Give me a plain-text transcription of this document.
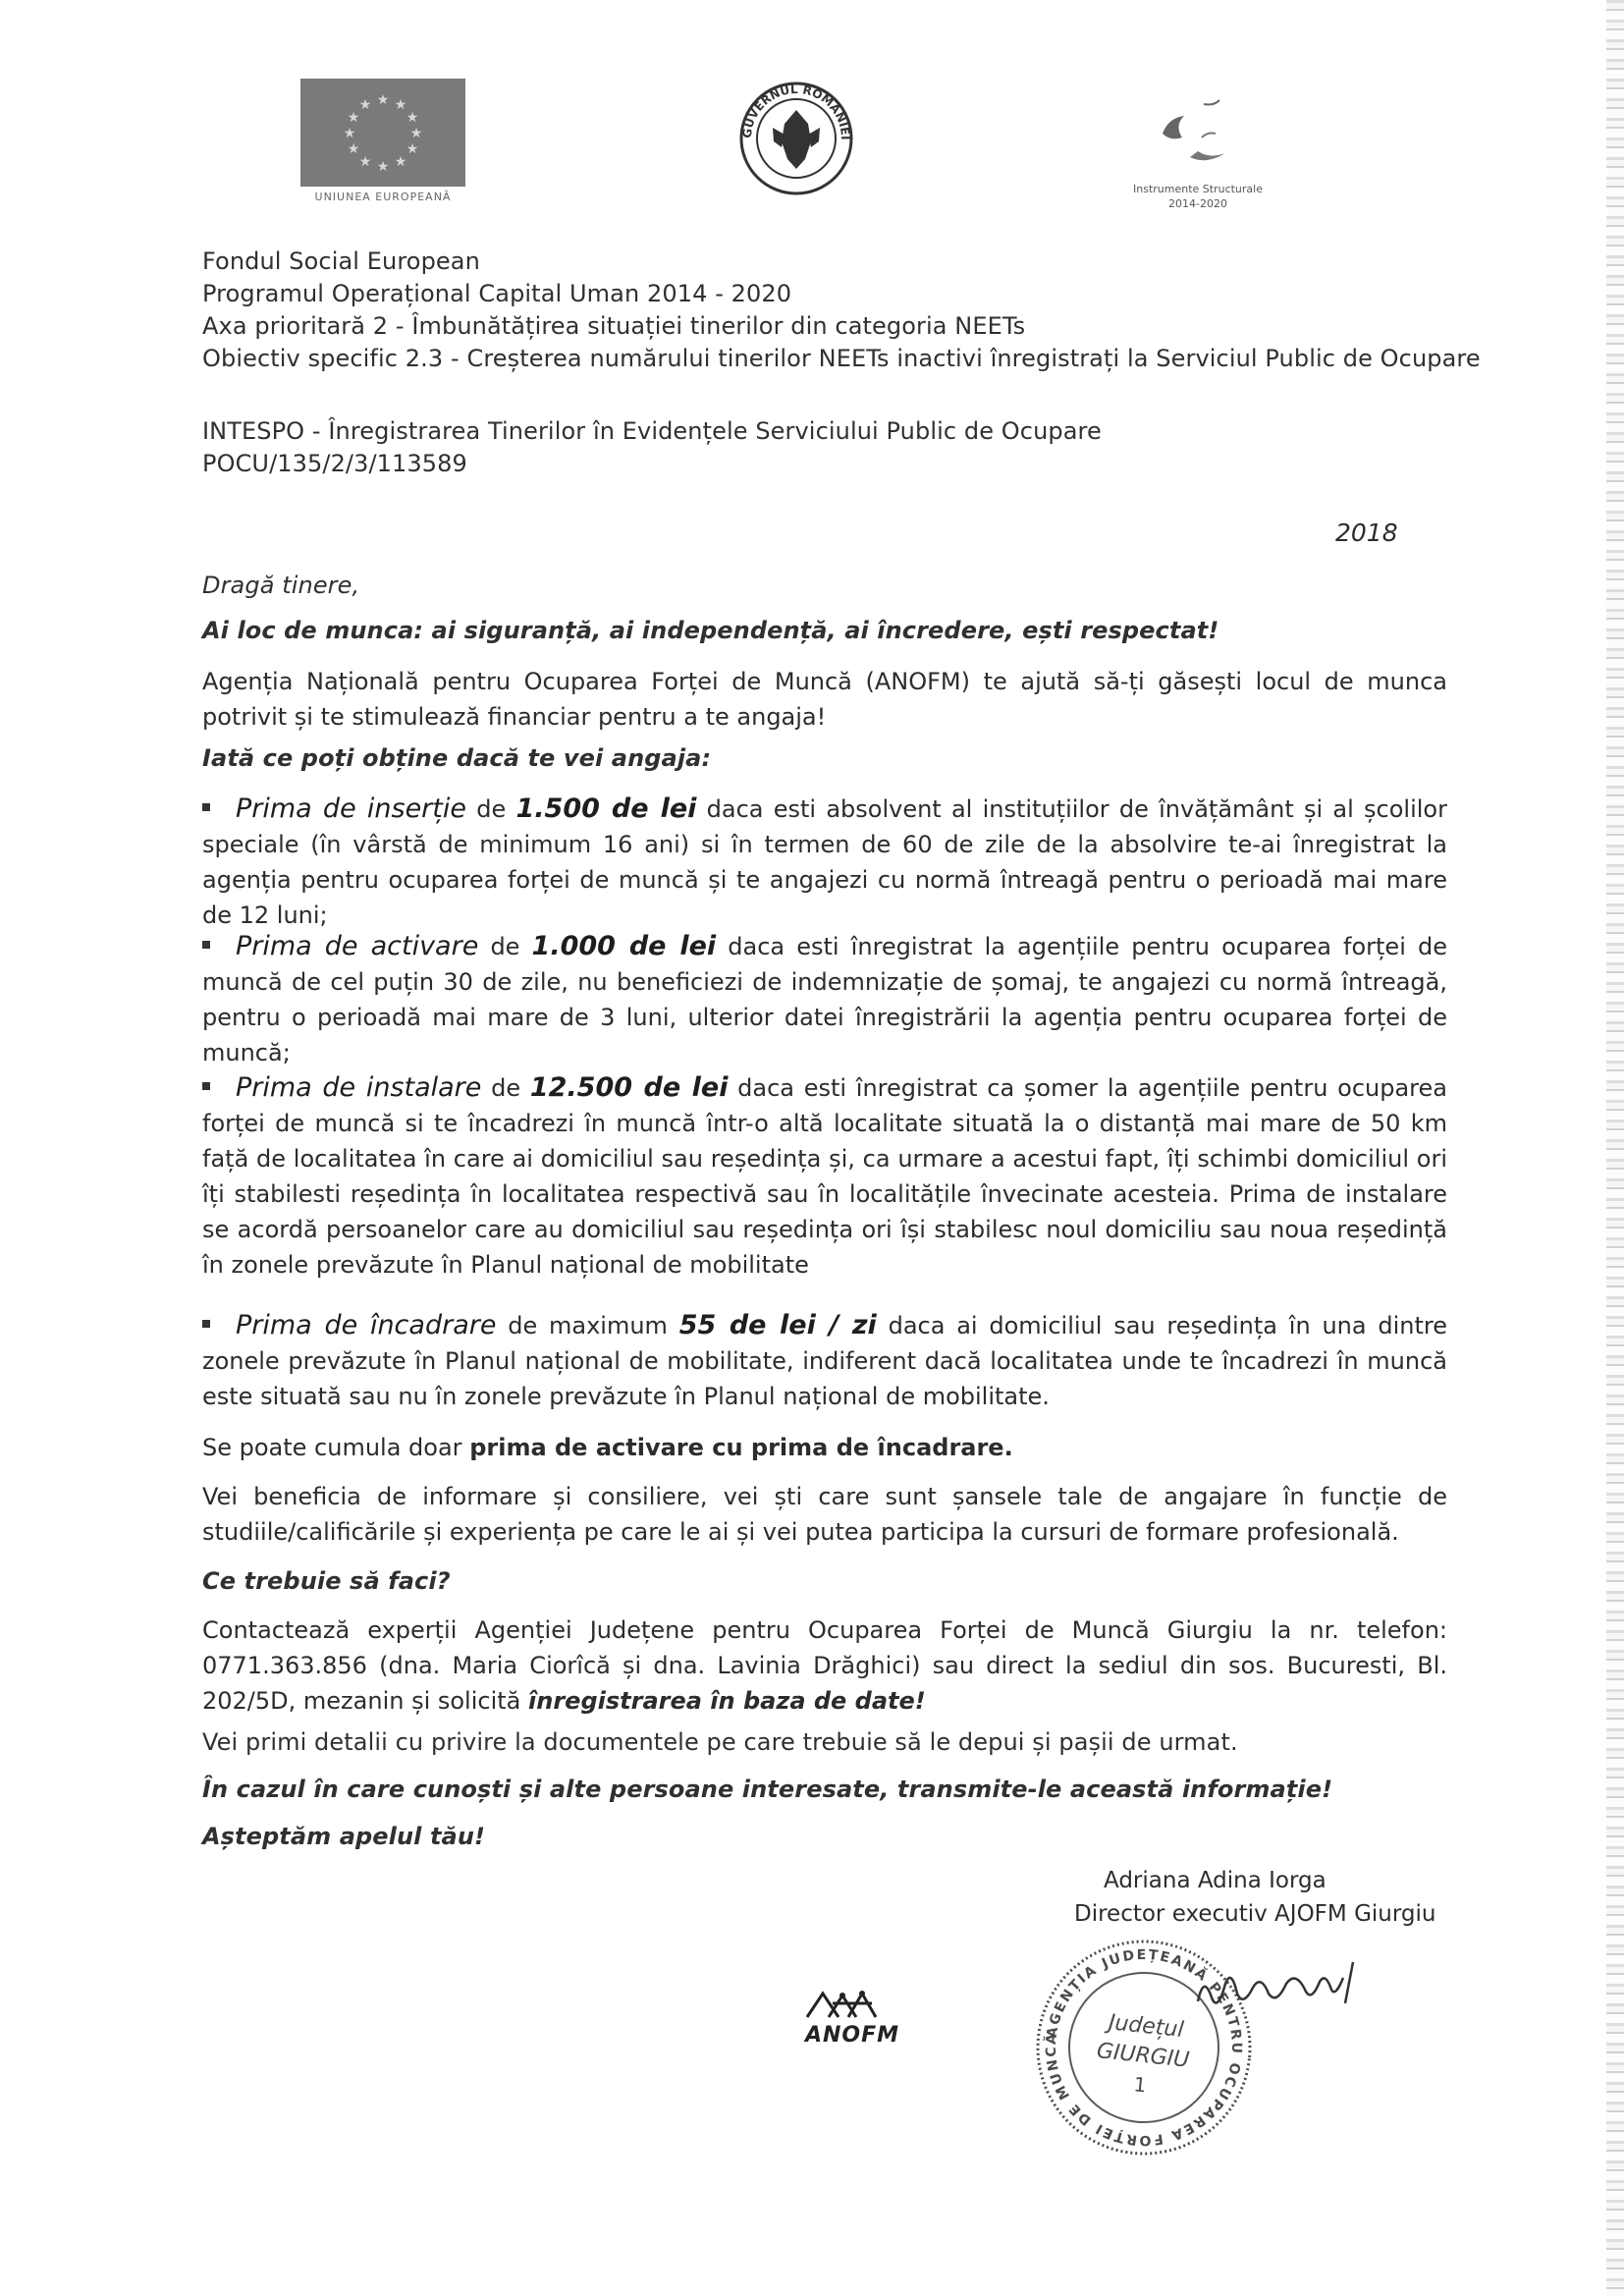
★ ★
★
★
★
★
★
★
★
★
★
★
UNIUNEA EUROPEANĂ
GUVERNUL ROMÂNIEI
Instrumente Structurale
2014-2020
Fondul Social European
Programul Operațional Capital Uman 2014 - 2020
Axa prioritară 2 - Îmbunătățirea situației tinerilor din categoria NEETs
Obiectiv specific 2.3 - Creșterea numărului tinerilor NEETs inactivi înregistrați la Serviciul Public de Ocupare
INTESPO - Înregistrarea Tinerilor în Evidențele Serviciului Public de Ocupare
POCU/135/2/3/113589
2018
Dragă tinere,
Ai loc de munca: ai siguranță, ai independență, ai încredere, ești respectat!
Agenția Națională pentru Ocuparea Forței de Muncă (ANOFM) te ajută să-ți găsești locul de munca potrivit și te stimulează financiar pentru a te angaja!
Iată ce poți obține dacă te vei angaja:
Prima de inserție de 1.500 de lei daca esti absolvent al instituțiilor de învățământ și al școlilor speciale (în vârstă de minimum 16 ani) si în termen de 60 de zile de la absolvire te-ai înregistrat la agenția pentru ocuparea forței de muncă și te angajezi cu normă întreagă pentru o perioadă mai mare de 12 luni;
Prima de activare de 1.000 de lei daca esti înregistrat la agențiile pentru ocuparea forței de muncă de cel puțin 30 de zile, nu beneficiezi de indemnizație de șomaj, te angajezi cu normă întreagă, pentru o perioadă mai mare de 3 luni, ulterior datei înregistrării la agenția pentru ocuparea forței de muncă;
Prima de instalare de 12.500 de lei daca esti înregistrat ca șomer la agențiile pentru ocuparea forței de muncă si te încadrezi în muncă într-o altă localitate situată la o distanță mai mare de 50 km față de localitatea în care ai domiciliul sau reședința și, ca urmare a acestui fapt, îți schimbi domiciliul ori îți stabilesti reședința în localitatea respectivă sau în localitățile învecinate acesteia. Prima de instalare se acordă persoanelor care au domiciliul sau reședința ori își stabilesc noul domiciliu sau noua reședință în zonele prevăzute în Planul național de mobilitate
Prima de încadrare de maximum 55 de lei / zi daca ai domiciliul sau reședința în una dintre zonele prevăzute în Planul național de mobilitate, indiferent dacă localitatea unde te încadrezi în muncă este situată sau nu în zonele prevăzute în Planul național de mobilitate.
Se poate cumula doar prima de activare cu prima de încadrare.
Vei beneficia de informare și consiliere, vei ști care sunt șansele tale de angajare în funcție de studiile/calificările și experiența pe care le ai și vei putea participa la cursuri de formare profesională.
Ce trebuie să faci?
Contactează experții Agenției Județene pentru Ocuparea Forței de Muncă Giurgiu la nr. telefon: 0771.363.856 (dna. Maria Ciorîcă și dna. Lavinia Drăghici) sau direct la sediul din sos. Bucuresti, Bl. 202/5D, mezanin și solicită înregistrarea în baza de date!
Vei primi detalii cu privire la documentele pe care trebuie să le depui și pașii de urmat.
În cazul în care cunoști și alte persoane interesate, transmite-le această informație!
Așteptăm apelul tău!
Adriana Adina Iorga
Director executiv AJOFM Giurgiu
ANOFM	AGENȚIA JUDEȚEANĂ PENTRU OCUPAREA FORȚEI DE MUNCĂ	Județul
GIURGIU
1
